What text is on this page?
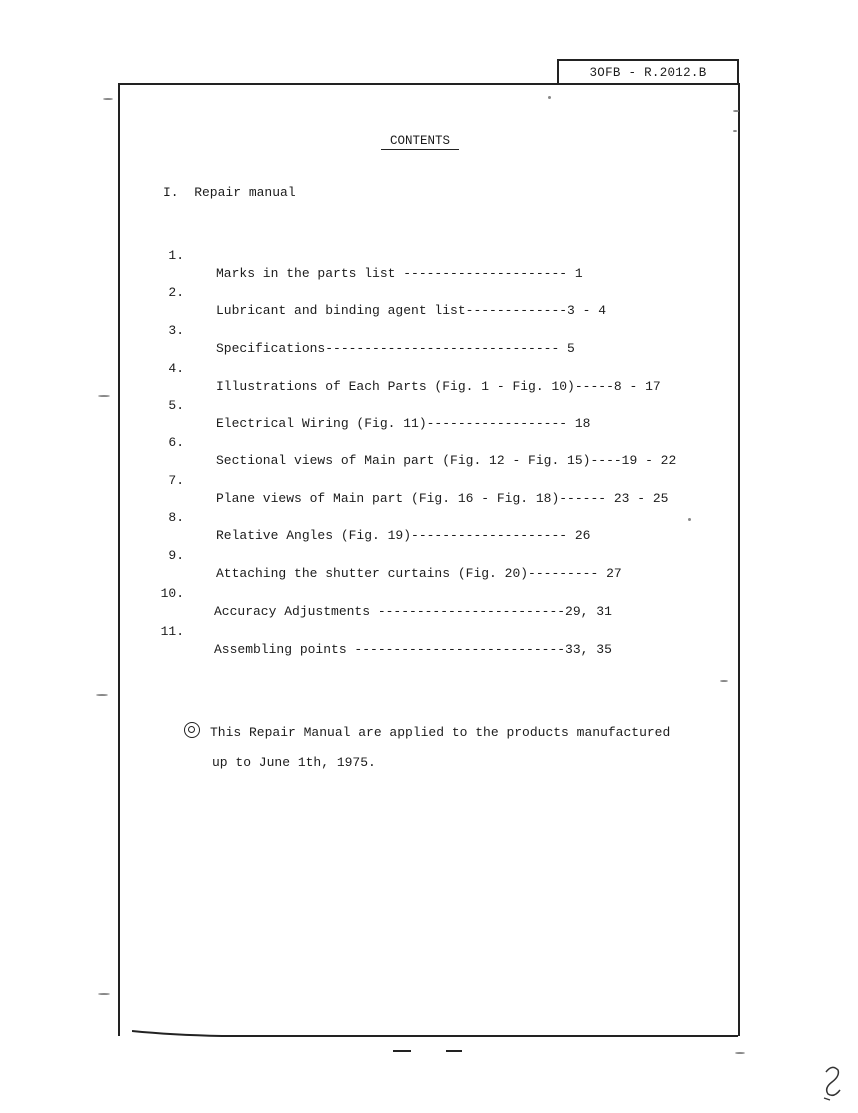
3OFB - R.2012.B
CONTENTS
I.  Repair manual

1.

Marks in the parts list --------------------- 1

2.

Lubricant and binding agent list-------------3 - 4

3.

Specifications------------------------------ 5

4.

Illustrations of Each Parts (Fig. 1 - Fig. 10)-----8 - 17

5.

Electrical Wiring (Fig. 11)------------------ 18

6.

Sectional views of Main part (Fig. 12 - Fig. 15)----19 - 22

7.

Plane views of Main part (Fig. 16 - Fig. 18)------ 23 - 25

8.

Relative Angles (Fig. 19)-------------------- 26

9.

Attaching the shutter curtains (Fig. 20)--------- 27

10.

Accuracy Adjustments ------------------------29, 31

11.

Assembling points ---------------------------33, 35

This Repair Manual are applied to the products manufactured
up to June 1th, 1975.
